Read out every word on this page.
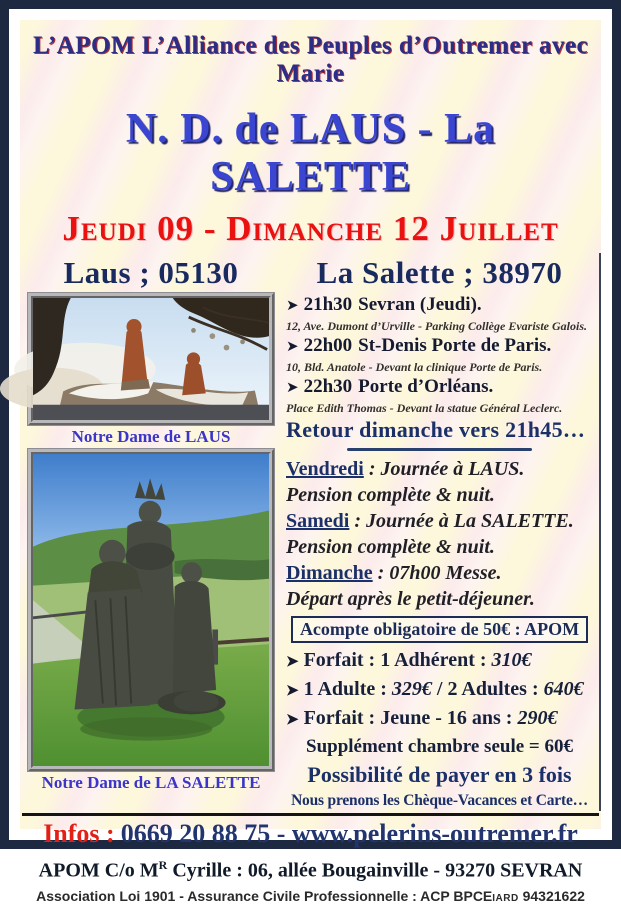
L’APOM L’Alliance des Peuples d’Outremer avec Marie
N. D. de LAUS - La SALETTE
Jeudi 09 - Dimanche 12 Juillet
Laus ; 05130
Notre Dame de LAUS
Notre Dame de LA SALETTE
La Salette ; 38970
➤ 21h30 Sevran (Jeudi).
12, Ave. Dumont d’Urville - Parking Collège Evariste Galois.
➤ 22h00 St-Denis Porte de Paris.
10, Bld. Anatole - Devant la clinique Porte de Paris.
➤ 22h30 Porte d’Orléans.
Place Edith Thomas - Devant la statue Général Leclerc.
Retour dimanche vers 21h45…
Vendredi : Journée à LAUS.
Pension complète & nuit.
Samedi : Journée à La SALETTE.
Pension complète & nuit.
Dimanche : 07h00 Messe.
Départ après le petit-déjeuner.
Acompte obligatoire de 50€ : APOM
➤ Forfait : 1 Adhérent : 310€
➤ 1 Adulte : 329€ / 2 Adultes : 640€
➤ Forfait : Jeune - 16 ans : 290€
Supplément chambre seule = 60€
Possibilité de payer en 3 fois
Nous prenons les Chèque-Vacances et Carte…
Infos : 0669 20 88 75 - www.pelerins-outremer.fr
APOM C/o $M^R$ Cyrille : 06, allée Bougainville - 93270 SEVRAN
Association Loi 1901 - Assurance Civile Professionnelle : ACP BPCEIARD 94321622
